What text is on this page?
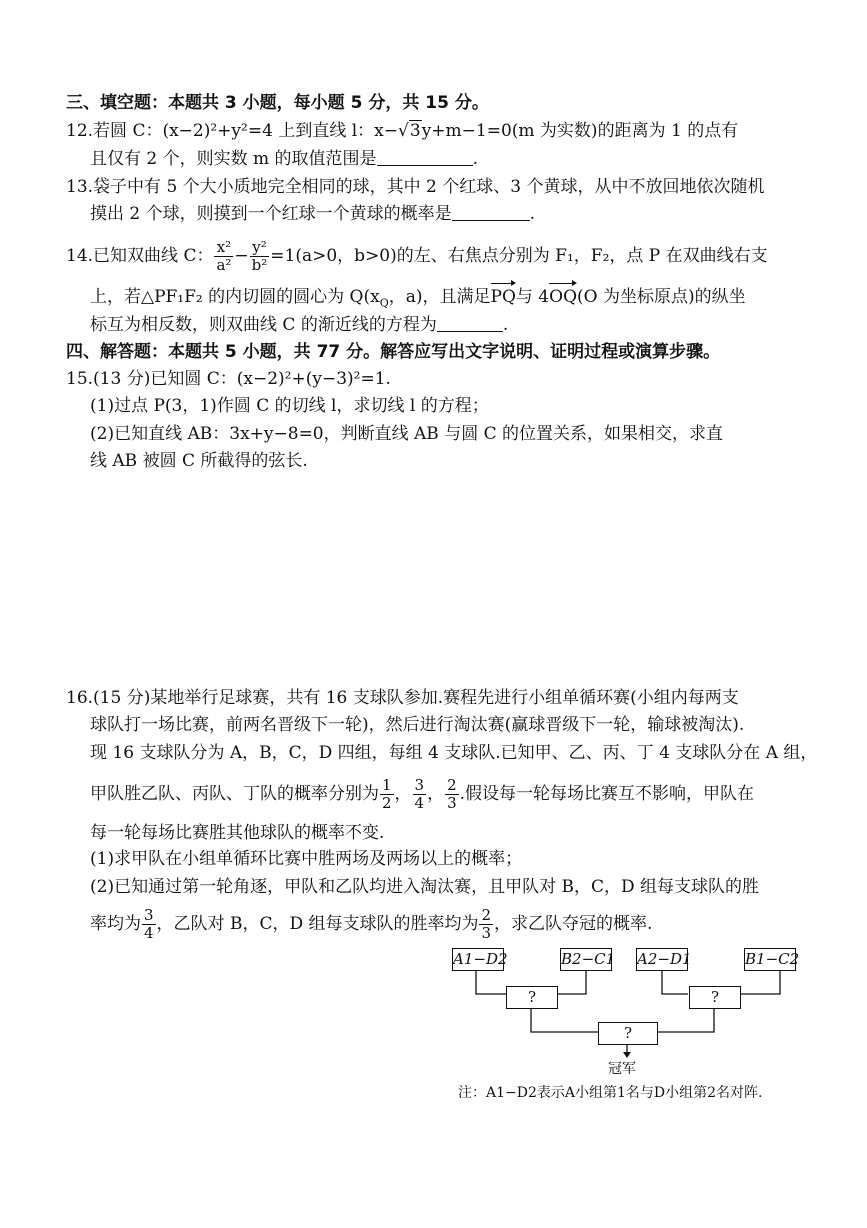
三、填空题：本题共 3 小题，每小题 5 分，共 15 分。
12.若圆 C：(x−2)²+y²=4 上到直线 l：x−√3y+m−1=0(m 为实数)的距离为 1 的点有
且仅有 2 个，则实数 m 的取值范围是	.
13.袋子中有 5 个大小质地完全相同的球，其中 2 个红球、3 个黄球，从中不放回地依次随机
摸出 2 个球，则摸到一个红球一个黄球的概率是	.
14.已知双曲线 C： $\frac{\text{x²}}{\text{a²}} - \frac{\text{y²}}{\text{b²}} =1(a>0$，b>0)的左、右焦点分别为 F₁，F₂，点 P 在双曲线右支
上，若△PF₁F₂ 的内切圆的圆心为 $Q(x_Q$，a)，且满足PQ与 4OQ(O 为坐标原点)的纵坐
标互为相反数，则双曲线 C 的渐近线的方程为	.
四、解答题：本题共 5 小题，共 77 分。解答应写出文字说明、证明过程或演算步骤。
15.(13 分)已知圆 C：(x−2)²+(y−3)²=1.
(1)过点 P(3，1)作圆 C 的切线 l，求切线 l 的方程；
(2)已知直线 AB：3x+y−8=0，判断直线 AB 与圆 C 的位置关系，如果相交，求直
线 AB 被圆 C 所截得的弦长.
16.(15 分)某地举行足球赛，共有 16 支球队参加.赛程先进行小组单循环赛(小组内每两支
球队打一场比赛，前两名晋级下一轮)，然后进行淘汰赛(赢球晋级下一轮，输球被淘汰).
现 16 支球队分为 A，B，C，D 四组，每组 4 支球队.已知甲、乙、丙、丁 4 支球队分在 A 组，
甲队胜乙队、丙队、丁队的概率分别为 $\frac{1}{2}$ ， $\frac{3}{4}$ ， $\frac{2}{3}$ .假设每一轮每场比赛互不影响，甲队在
每一轮每场比赛胜其他球队的概率不变.
(1)求甲队在小组单循环比赛中胜两场及两场以上的概率；
(2)已知通过第一轮角逐，甲队和乙队均进入淘汰赛，且甲队对 B，C，D 组每支球队的胜
率均为 $\frac{3}{4}$ ，乙队对 B，C，D 组每支球队的胜率均为 $\frac{2}{3}$ ，求乙队夺冠的概率.
A1−D2	B2−C1 A2−D1	B1−C2
?	?
?
冠军
注：A1−D2表示A小组第1名与D小组第2名对阵.
